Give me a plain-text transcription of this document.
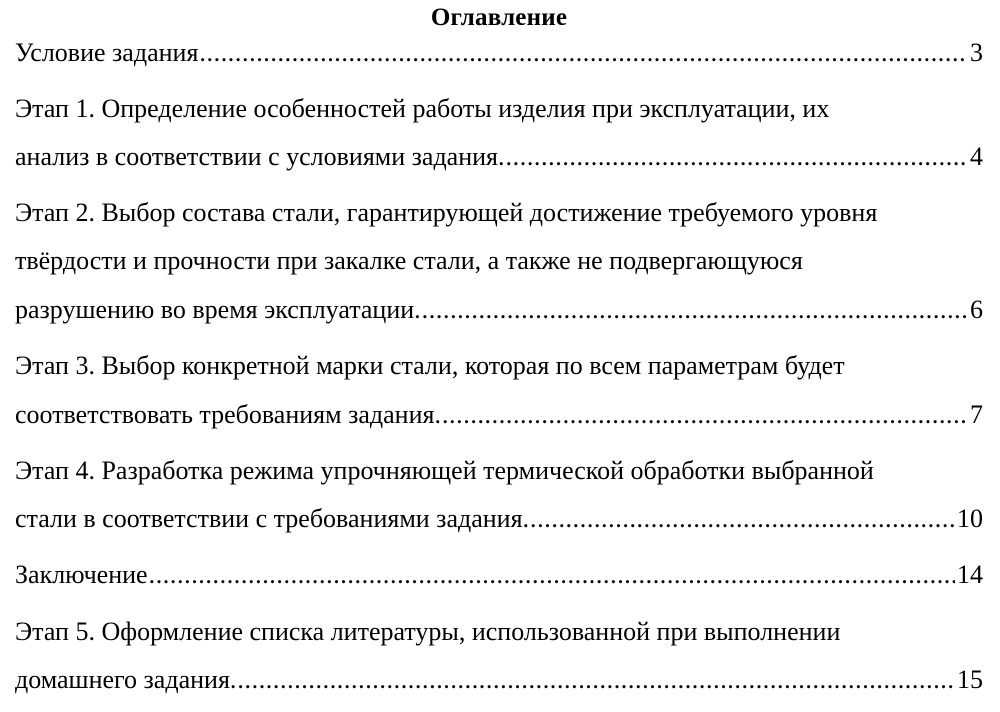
Оглавление
Условие задания .....	3
Этап 1. Определение особенностей работы изделия при эксплуатации, их
анализ в соответствии с условиями задания. .....	4
Этап 2. Выбор состава стали, гарантирующей достижение требуемого уровня
твёрдости и прочности при закалке стали, а также не подвергающуюся
разрушению во время эксплуатации. .....	6
Этап 3. Выбор конкретной марки стали, которая по всем параметрам будет
соответствовать требованиям задания. .....	7
Этап 4. Разработка режима упрочняющей термической обработки выбранной
стали в соответствии с требованиями задания. .....	10
Заключение .....	14
Этап 5. Оформление списка литературы, использованной при выполнении
домашнего задания. .....	15
